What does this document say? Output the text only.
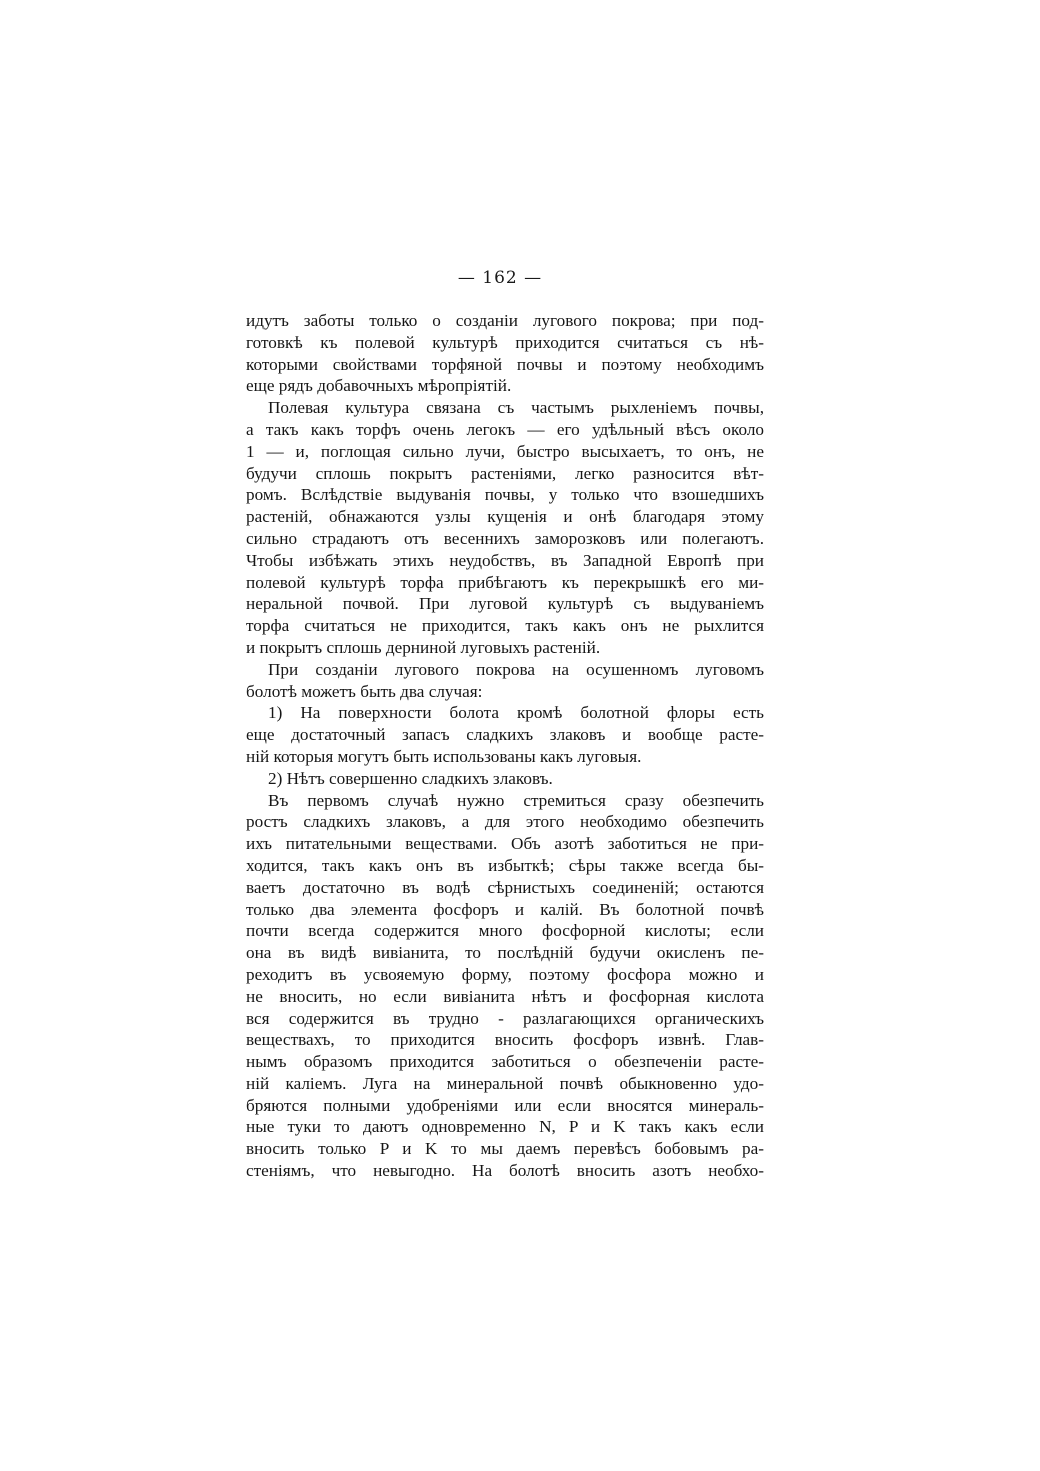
— 162 —
идутъ заботы только о созданіи лугового покрова; при под-
готовкѣ къ полевой культурѣ приходится считаться съ нѣ-
которыми свойствами торфяной почвы и поэтому необходимъ
еще рядъ добавочныхъ мѣропріятій.
Полевая культура связана съ частымъ рыхленіемъ почвы,
а такъ какъ торфъ очень легокъ — его удѣльный вѣсъ около
1 — и, поглощая сильно лучи, быстро высыхаетъ, то онъ, не
будучи сплошь покрытъ растеніями, легко разносится вѣт-
ромъ. Вслѣдствіе выдуванія почвы, у только что взошедшихъ
растеній, обнажаются узлы кущенія и онѣ благодаря этому
сильно страдаютъ отъ весеннихъ заморозковъ или полегаютъ.
Чтобы избѣжать этихъ неудобствъ, въ Западной Европѣ при
полевой культурѣ торфа прибѣгаютъ къ перекрышкѣ его ми-
неральной почвой. При луговой культурѣ съ выдуваніемъ
торфа считаться не приходится, такъ какъ онъ не рыхлится
и покрытъ сплошь дерниной луговыхъ растеній.
При созданіи лугового покрова на осушенномъ луговомъ
болотѣ можетъ быть два случая:
1) На поверхности болота кромѣ болотной флоры есть
еще достаточный запасъ сладкихъ злаковъ и вообще расте-
ній которыя могутъ быть использованы какъ луговыя.
2) Нѣтъ совершенно сладкихъ злаковъ.
Въ первомъ случаѣ нужно стремиться сразу обезпечить
ростъ сладкихъ злаковъ, а для этого необходимо обезпечить
ихъ питательными веществами. Объ азотѣ заботиться не при-
ходится, такъ какъ онъ въ избыткѣ; сѣры также всегда бы-
ваетъ достаточно въ водѣ сѣрнистыхъ соединеній; остаются
только два элемента фосфоръ и калій. Въ болотной почвѣ
почти всегда содержится много фосфорной кислоты; если
она въ видѣ вивіанита, то послѣдній будучи окисленъ пе-
реходитъ въ усвояемую форму, поэтому фосфора можно и
не вносить, но если вивіанита нѣтъ и фосфорная кислота
вся содержится въ трудно - разлагающихся органическихъ
веществахъ, то приходится вносить фосфоръ извнѣ. Глав-
нымъ образомъ приходится заботиться о обезпеченіи расте-
ній каліемъ. Луга на минеральной почвѣ обыкновенно удо-
бряются полными удобреніями или если вносятся минераль-
ные туки то даютъ одновременно N, P и K такъ какъ если
вносить только P и K то мы даемъ перевѣсъ бобовымъ ра-
стеніямъ, что невыгодно. На болотѣ вносить азотъ необхо-
